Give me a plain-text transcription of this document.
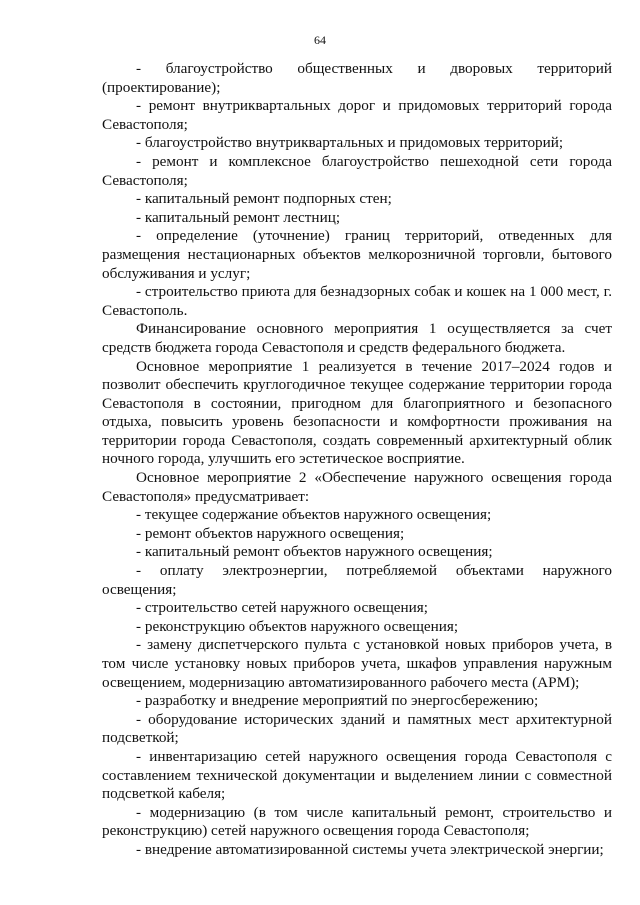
64

- благоустройство общественных и дворовых территорий (проектирование);

- ремонт внутриквартальных дорог и придомовых территорий города Севастополя;

- благоустройство внутриквартальных и придомовых территорий;

- ремонт и комплексное благоустройство пешеходной сети города Севастополя;

- капитальный ремонт подпорных стен;

- капитальный ремонт лестниц;

- определение (уточнение) границ территорий, отведенных для размещения нестационарных объектов мелкорозничной торговли, бытового обслуживания и услуг;

- строительство приюта для безнадзорных собак и кошек на 1 000 мест, г. Севастополь.

Финансирование основного мероприятия 1 осуществляется за счет средств бюджета города Севастополя и средств федерального бюджета.

Основное мероприятие 1 реализуется в течение 2017–2024 годов и позволит обеспечить круглогодичное текущее содержание территории города Севастополя в состоянии, пригодном для благоприятного и безопасного отдыха, повысить уровень безопасности и комфортности проживания на территории города Севастополя, создать современный архитектурный облик ночного города, улучшить его эстетическое восприятие.

Основное мероприятие 2 «Обеспечение наружного освещения города Севастополя» предусматривает:

- текущее содержание объектов наружного освещения;

- ремонт объектов наружного освещения;

- капитальный ремонт объектов наружного освещения;

- оплату электроэнергии, потребляемой объектами наружного освещения;

- строительство сетей наружного освещения;

- реконструкцию объектов наружного освещения;

- замену диспетчерского пульта с установкой новых приборов учета, в том числе установку новых приборов учета, шкафов управления наружным освещением, модернизацию автоматизированного рабочего места (АРМ);

- разработку и внедрение мероприятий по энергосбережению;

- оборудование исторических зданий и памятных мест архитектурной подсветкой;

- инвентаризацию сетей наружного освещения города Севастополя с составлением технической документации и выделением линии с совместной подсветкой кабеля;

- модернизацию (в том числе капитальный ремонт, строительство и реконструкцию) сетей наружного освещения города Севастополя;

- внедрение автоматизированной системы учета электрической энергии;
